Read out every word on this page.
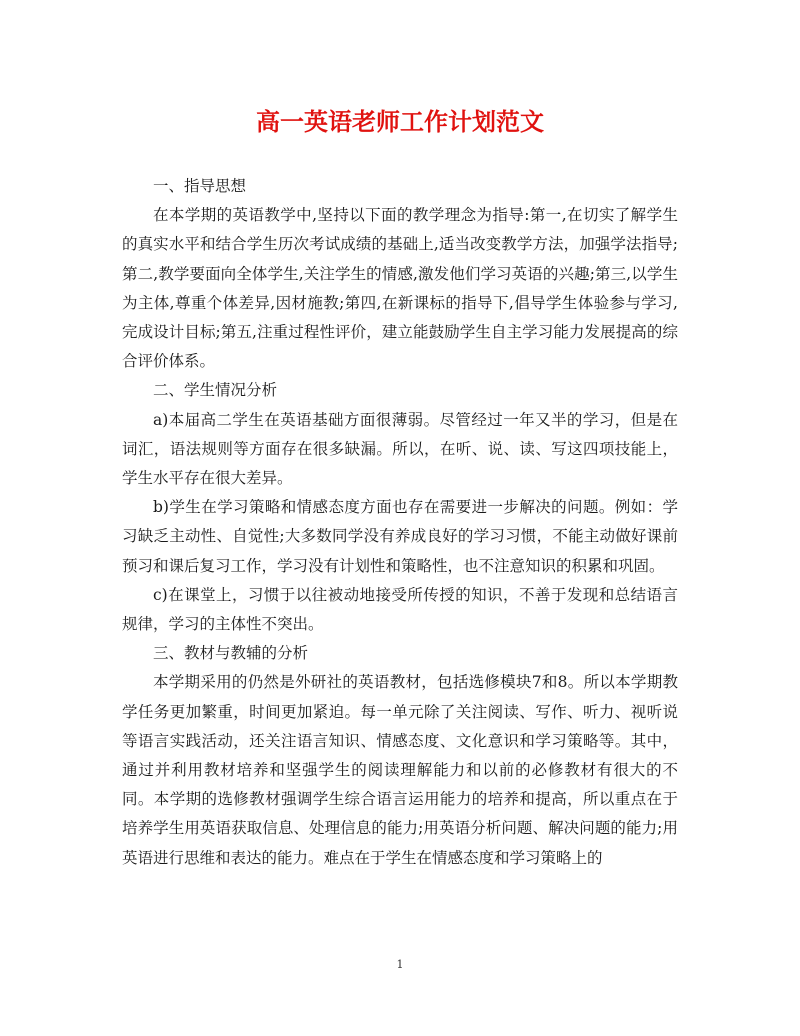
高一英语老师工作计划范文

一、指导思想

在本学期的英语教学中,坚持以下面的教学理念为指导:第一,在切实了解学生的真实水平和结合学生历次考试成绩的基础上,适当改变教学方法，加强学法指导;第二,教学要面向全体学生,关注学生的情感,激发他们学习英语的兴趣;第三,以学生为主体,尊重个体差异,因材施教;第四,在新课标的指导下,倡导学生体验参与学习,完成设计目标;第五,注重过程性评价，建立能鼓励学生自主学习能力发展提高的综合评价体系。

二、学生情况分析

a)本届高二学生在英语基础方面很薄弱。尽管经过一年又半的学习，但是在词汇，语法规则等方面存在很多缺漏。所以，在听、说、读、写这四项技能上，学生水平存在很大差异。

b)学生在学习策略和情感态度方面也存在需要进一步解决的问题。例如：学习缺乏主动性、自觉性;大多数同学没有养成良好的学习习惯，不能主动做好课前预习和课后复习工作，学习没有计划性和策略性，也不注意知识的积累和巩固。

c)在课堂上，习惯于以往被动地接受所传授的知识，不善于发现和总结语言规律，学习的主体性不突出。

三、教材与教辅的分析

本学期采用的仍然是外研社的英语教材，包括选修模块7和8。所以本学期教学任务更加繁重，时间更加紧迫。每一单元除了关注阅读、写作、听力、视听说等语言实践活动，还关注语言知识、情感态度、文化意识和学习策略等。其中，通过并利用教材培养和坚强学生的阅读理解能力和以前的必修教材有很大的不同。本学期的选修教材强调学生综合语言运用能力的培养和提高，所以重点在于培养学生用英语获取信息、处理信息的能力;用英语分析问题、解决问题的能力;用英语进行思维和表达的能力。难点在于学生在情感态度和学习策略上的

1
